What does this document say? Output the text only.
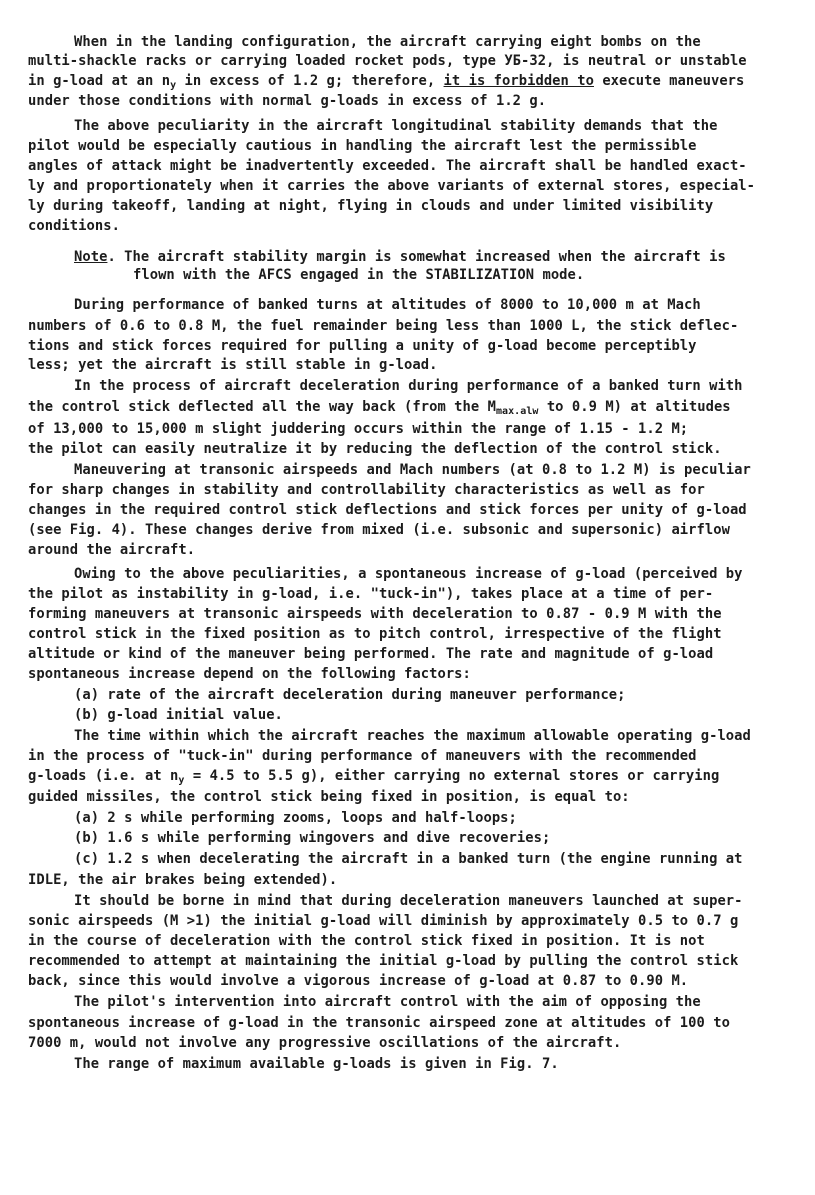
When in the landing configuration, the aircraft carrying eight bombs on the

multi-shackle racks or carrying loaded rocket pods, type УБ-32, is neutral or unstable

in g-load at an $n_y$ in excess of 1.2 g; therefore, it is forbidden to execute maneuvers

under those conditions with normal g-loads in excess of 1.2 g.

The above peculiarity in the aircraft longitudinal stability demands that the

pilot would be especially cautious in handling the aircraft lest the permissible

angles of attack might be inadvertently exceeded. The aircraft shall be handled exact-

ly and proportionately when it carries the above variants of external stores, especial-

ly during takeoff, landing at night, flying in clouds and under limited visibility

conditions.

Note. The aircraft stability margin is somewhat increased when the aircraft is

flown with the AFCS engaged in the STABILIZATION mode.

During performance of banked turns at altitudes of 8000 to 10,000 m at Mach

numbers of 0.6 to 0.8 M, the fuel remainder being less than 1000 L, the stick deflec-

tions and stick forces required for pulling a unity of g-load become perceptibly

less; yet the aircraft is still stable in g-load.

In the process of aircraft deceleration during performance of a banked turn with

the control stick deflected all the way back (from the $M_{max.alw}$ to 0.9 M) at altitudes

of 13,000 to 15,000 m slight juddering occurs within the range of 1.15 - 1.2 M;

the pilot can easily neutralize it by reducing the deflection of the control stick.

Maneuvering at transonic airspeeds and Mach numbers (at 0.8 to 1.2 M) is peculiar

for sharp changes in stability and controllability characteristics as well as for

changes in the required control stick deflections and stick forces per unity of g-load

(see Fig. 4). These changes derive from mixed (i.e. subsonic and supersonic) airflow

around the aircraft.

Owing to the above peculiarities, a spontaneous increase of g-load (perceived by

the pilot as instability in g-load, i.e. "tuck-in"), takes place at a time of per-

forming maneuvers at transonic airspeeds with deceleration to 0.87 - 0.9 M with the

control stick in the fixed position as to pitch control, irrespective of the flight

altitude or kind of the maneuver being performed. The rate and magnitude of g-load

spontaneous increase depend on the following factors:

(a) rate of the aircraft deceleration during maneuver performance;

(b) g-load initial value.

The time within which the aircraft reaches the maximum allowable operating g-load

in the process of "tuck-in" during performance of maneuvers with the recommended

g-loads (i.e. at $n_y = 4.5$ to 5.5 g), either carrying no external stores or carrying

guided missiles, the control stick being fixed in position, is equal to:

(a) 2 s while performing zooms, loops and half-loops;

(b) 1.6 s while performing wingovers and dive recoveries;

(c) 1.2 s when decelerating the aircraft in a banked turn (the engine running at

IDLE, the air brakes being extended).

It should be borne in mind that during deceleration maneuvers launched at super-

sonic airspeeds (M >1) the initial g-load will diminish by approximately 0.5 to 0.7 g

in the course of deceleration with the control stick fixed in position. It is not

recommended to attempt at maintaining the initial g-load by pulling the control stick

back, since this would involve a vigorous increase of g-load at 0.87 to 0.90 M.

The pilot's intervention into aircraft control with the aim of opposing the

spontaneous increase of g-load in the transonic airspeed zone at altitudes of 100 to

7000 m, would not involve any progressive oscillations of the aircraft.

The range of maximum available g-loads is given in Fig. 7.
